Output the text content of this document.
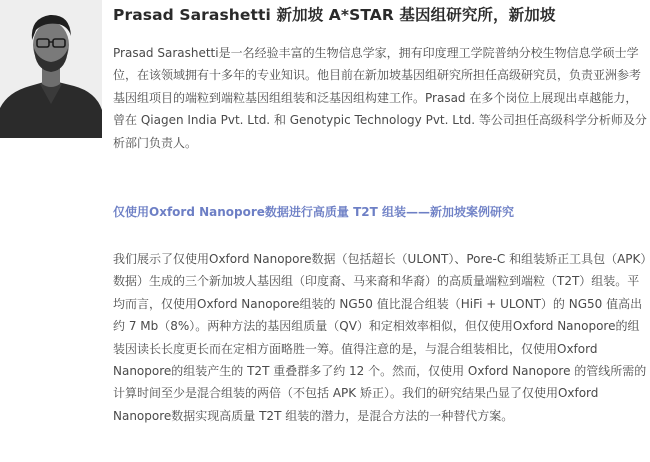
Prasad Sarashetti 新加坡 A*STAR 基因组研究所，新加坡

Prasad Sarashetti是一名经验丰富的生物信息学家，拥有印度理工学院普纳分校生物信息学硕士学位，在该领域拥有十多年的专业知识。他目前在新加坡基因组研究所担任高级研究员，负责亚洲参考基因组项目的端粒到端粒基因组组装和泛基因组构建工作。Prasad 在多个岗位上展现出卓越能力，曾在 Qiagen India Pvt. Ltd. 和 Genotypic Technology Pvt. Ltd. 等公司担任高级科学分析师及分析部门负责人。

仅使用Oxford Nanopore数据进行高质量 T2T 组装——新加坡案例研究

我们展示了仅使用Oxford Nanopore数据（包括超长（ULONT）、Pore-C 和组装矫正工具包（APK）数据）生成的三个新加坡人基因组（印度裔、马来裔和华裔）的高质量端粒到端粒（T2T）组装。平均而言，仅使用Oxford Nanopore组装的 NG50 值比混合组装（HiFi + ULONT）的 NG50 值高出约 7 Mb（8%）。两种方法的基因组质量（QV）和定相效率相似，但仅使用Oxford Nanopore的组装因读长长度更长而在定相方面略胜一筹。值得注意的是，与混合组装相比，仅使用Oxford Nanopore的组装产生的 T2T 重叠群多了约 12 个。然而，仅使用 Oxford Nanopore 的管线所需的计算时间至少是混合组装的两倍（不包括 APK 矫正）。我们的研究结果凸显了仅使用Oxford Nanopore数据实现高质量 T2T 组装的潜力，是混合方法的一种替代方案。
